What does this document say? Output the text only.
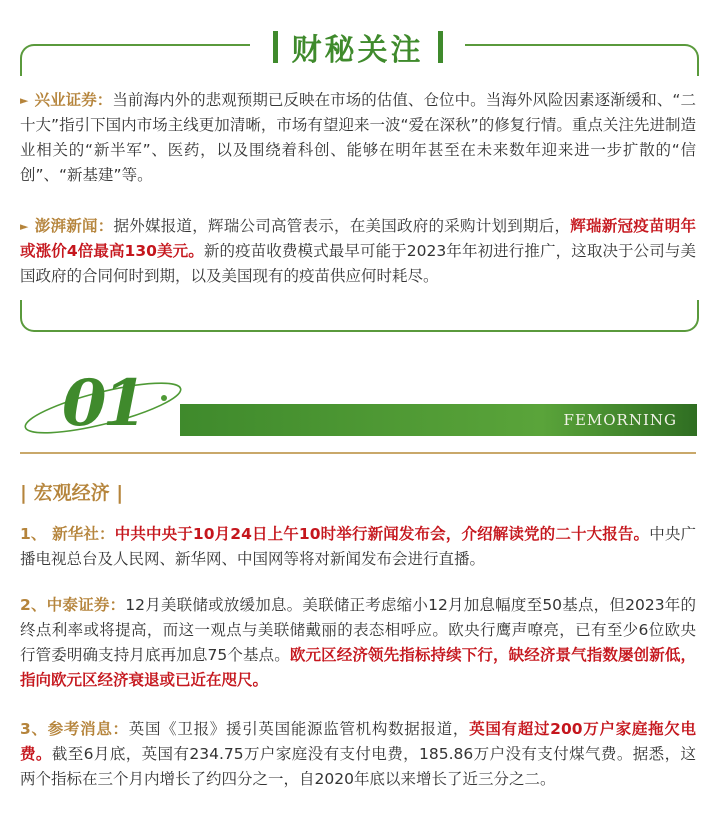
财秘关注
► 兴业证券：当前海内外的悲观预期已反映在市场的估值、仓位中。当海外风险因素逐渐缓和、“二十大”指引下国内市场主线更加清晰，市场有望迎来一波“爱在深秋”的修复行情。重点关注先进制造业相关的“新半军”、医药，以及围绕着科创、能够在明年甚至在未来数年迎来进一步扩散的“信创”、“新基建”等。
► 澎湃新闻：据外媒报道，辉瑞公司高管表示，在美国政府的采购计划到期后，辉瑞新冠疫苗明年或涨价4倍最高130美元。新的疫苗收费模式最早可能于2023年年初进行推广，这取决于公司与美国政府的合同何时到期，以及美国现有的疫苗供应何时耗尽。
01	FEMORNING
| 宏观经济 |
1、 新华社：中共中央于10月24日上午10时举行新闻发布会，介绍解读党的二十大报告。中央广播电视总台及人民网、新华网、中国网等将对新闻发布会进行直播。
2、中泰证券：12月美联储或放缓加息。美联储正考虑缩小12月加息幅度至50基点，但2023年的终点利率或将提高，而这一观点与美联储戴丽的表态相呼应。欧央行鹰声嘹亮，已有至少6位欧央行管委明确支持月底再加息75个基点。欧元区经济领先指标持续下行，缺经济景气指数屡创新低，指向欧元区经济衰退或已近在咫尺。
3、参考消息：英国《卫报》援引英国能源监管机构数据报道，英国有超过200万户家庭拖欠电费。截至6月底，英国有234.75万户家庭没有支付电费，185.86万户没有支付煤气费。据悉，这两个指标在三个月内增长了约四分之一，自2020年底以来增长了近三分之二。
